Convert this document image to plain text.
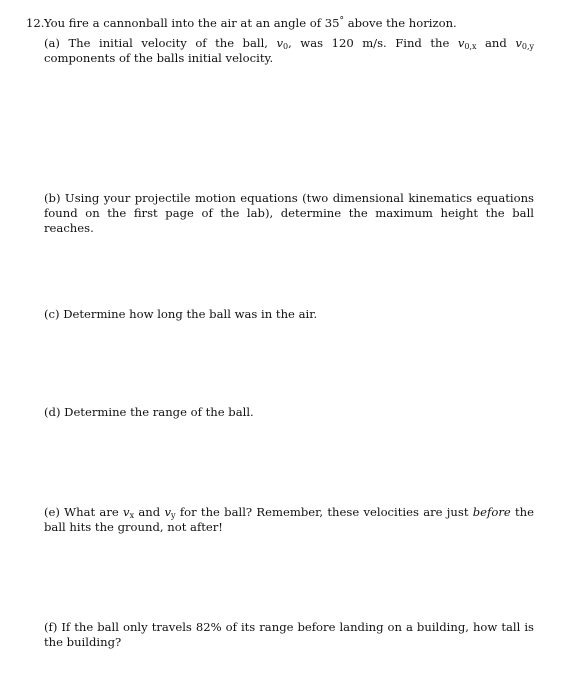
12.You fire a cannonball into the air at an angle of 35° above the horizon.

(a) The initial velocity of the ball, $v_0$, was 120 m/s. Find the $v_{0,x}$ and $v_{0,y}$ components of the balls initial velocity.

(b) Using your projectile motion equations (two dimensional kinematics equations found on the first page of the lab), determine the maximum height the ball reaches.

(c) Determine how long the ball was in the air.

(d) Determine the range of the ball.

(e) What are $v_x$ and $v_y$ for the ball? Remember, these velocities are just before the ball hits the ground, not after!

(f) If the ball only travels 82% of its range before landing on a building, how tall is the building?
